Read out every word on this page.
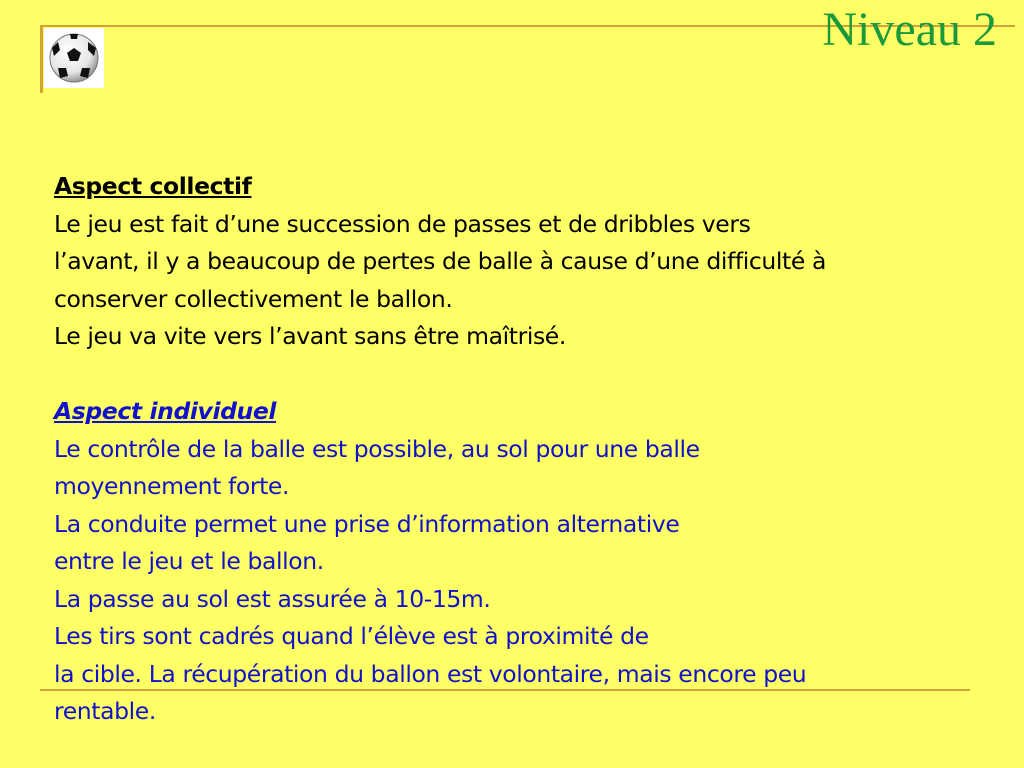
Niveau 2
Aspect collectif
Le jeu est fait d’une succession de passes et de dribbles vers
l’avant, il y a beaucoup de pertes de balle à cause d’une difficulté à
conserver collectivement le ballon.
Le jeu va vite vers l’avant sans être maîtrisé.
Aspect individuel
Le contrôle de la balle est possible, au sol pour une balle
moyennement forte.
La conduite permet une prise d’information alternative
entre le jeu et le ballon.
La passe au sol est assurée à 10-15m.
Les tirs sont cadrés quand l’élève est à proximité de
la cible. La récupération du ballon est volontaire, mais encore peu
rentable.
